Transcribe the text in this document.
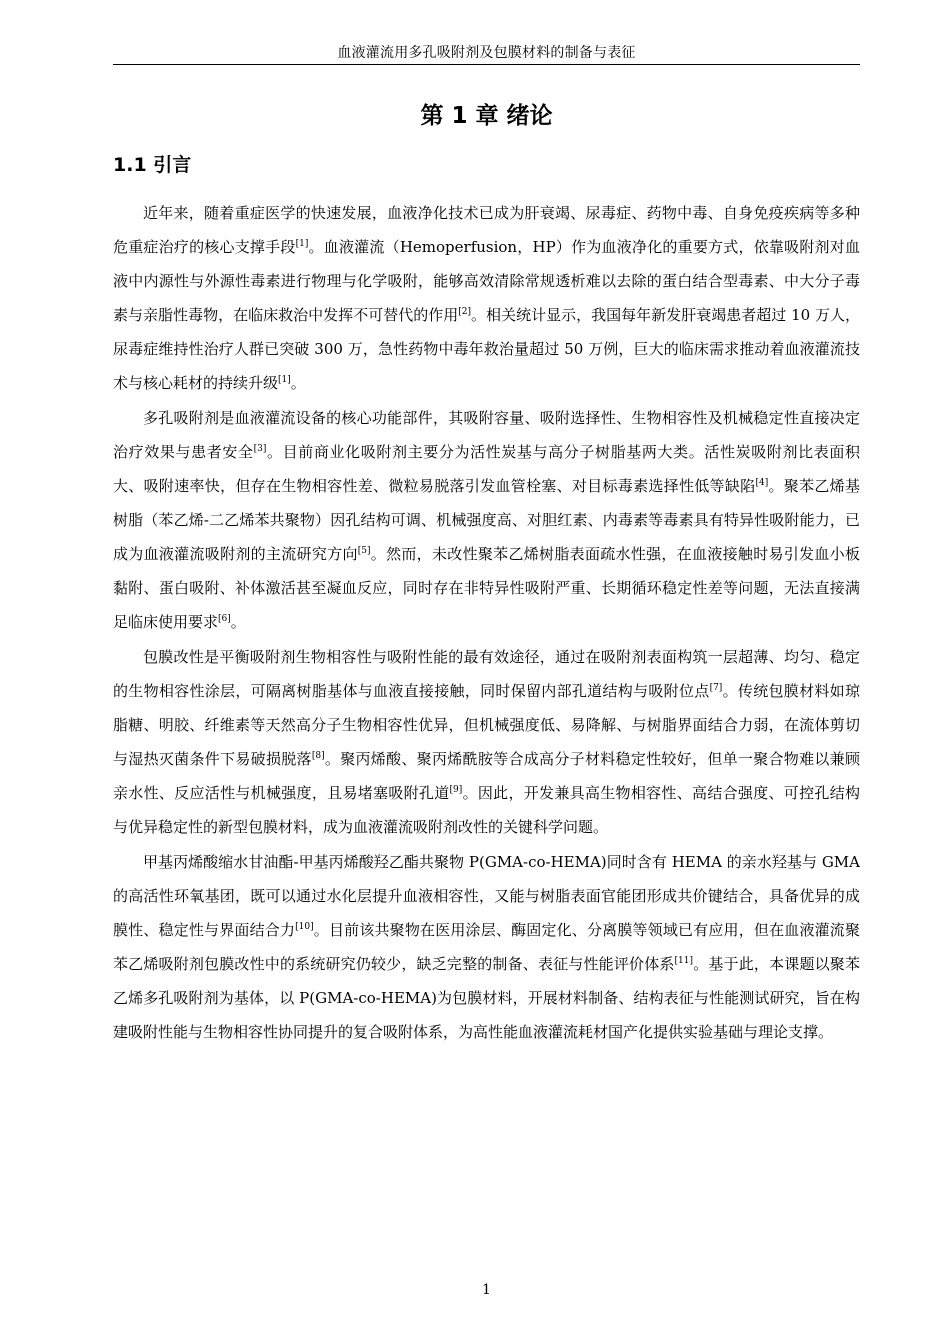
血液灌流用多孔吸附剂及包膜材料的制备与表征
第 1 章 绪论
1.1 引言

近年来，随着重症医学的快速发展，血液净化技术已成为肝衰竭、尿毒症、药物中毒、自身免疫疾病等多种危重症治疗的核心支撑手段[1]。血液灌流（Hemoperfusion，HP）作为血液净化的重要方式，依靠吸附剂对血液中内源性与外源性毒素进行物理与化学吸附，能够高效清除常规透析难以去除的蛋白结合型毒素、中大分子毒素与亲脂性毒物，在临床救治中发挥不可替代的作用[2]。相关统计显示，我国每年新发肝衰竭患者超过 10 万人，尿毒症维持性治疗人群已突破 300 万，急性药物中毒年救治量超过 50 万例，巨大的临床需求推动着血液灌流技术与核心耗材的持续升级[1]。

多孔吸附剂是血液灌流设备的核心功能部件，其吸附容量、吸附选择性、生物相容性及机械稳定性直接决定治疗效果与患者安全[3]。目前商业化吸附剂主要分为活性炭基与高分子树脂基两大类。活性炭吸附剂比表面积大、吸附速率快，但存在生物相容性差、微粒易脱落引发血管栓塞、对目标毒素选择性低等缺陷[4]。聚苯乙烯基树脂（苯乙烯-二乙烯苯共聚物）因孔结构可调、机械强度高、对胆红素、内毒素等毒素具有特异性吸附能力，已成为血液灌流吸附剂的主流研究方向[5]。然而，未改性聚苯乙烯树脂表面疏水性强，在血液接触时易引发血小板黏附、蛋白吸附、补体激活甚至凝血反应，同时存在非特异性吸附严重、长期循环稳定性差等问题，无法直接满足临床使用要求[6]。

包膜改性是平衡吸附剂生物相容性与吸附性能的最有效途径，通过在吸附剂表面构筑一层超薄、均匀、稳定的生物相容性涂层，可隔离树脂基体与血液直接接触，同时保留内部孔道结构与吸附位点[7]。传统包膜材料如琼脂糖、明胶、纤维素等天然高分子生物相容性优异，但机械强度低、易降解、与树脂界面结合力弱，在流体剪切与湿热灭菌条件下易破损脱落[8]。聚丙烯酸、聚丙烯酰胺等合成高分子材料稳定性较好，但单一聚合物难以兼顾亲水性、反应活性与机械强度，且易堵塞吸附孔道[9]。因此，开发兼具高生物相容性、高结合强度、可控孔结构与优异稳定性的新型包膜材料，成为血液灌流吸附剂改性的关键科学问题。

甲基丙烯酸缩水甘油酯-甲基丙烯酸羟乙酯共聚物 P(GMA-co-HEMA)同时含有 HEMA 的亲水羟基与 GMA 的高活性环氧基团，既可以通过水化层提升血液相容性，又能与树脂表面官能团形成共价键结合，具备优异的成膜性、稳定性与界面结合力[10]。目前该共聚物在医用涂层、酶固定化、分离膜等领域已有应用，但在血液灌流聚苯乙烯吸附剂包膜改性中的系统研究仍较少，缺乏完整的制备、表征与性能评价体系[11]。基于此，本课题以聚苯乙烯多孔吸附剂为基体，以 P(GMA-co-HEMA)为包膜材料，开展材料制备、结构表征与性能测试研究，旨在构建吸附性能与生物相容性协同提升的复合吸附体系，为高性能血液灌流耗材国产化提供实验基础与理论支撑。

1
